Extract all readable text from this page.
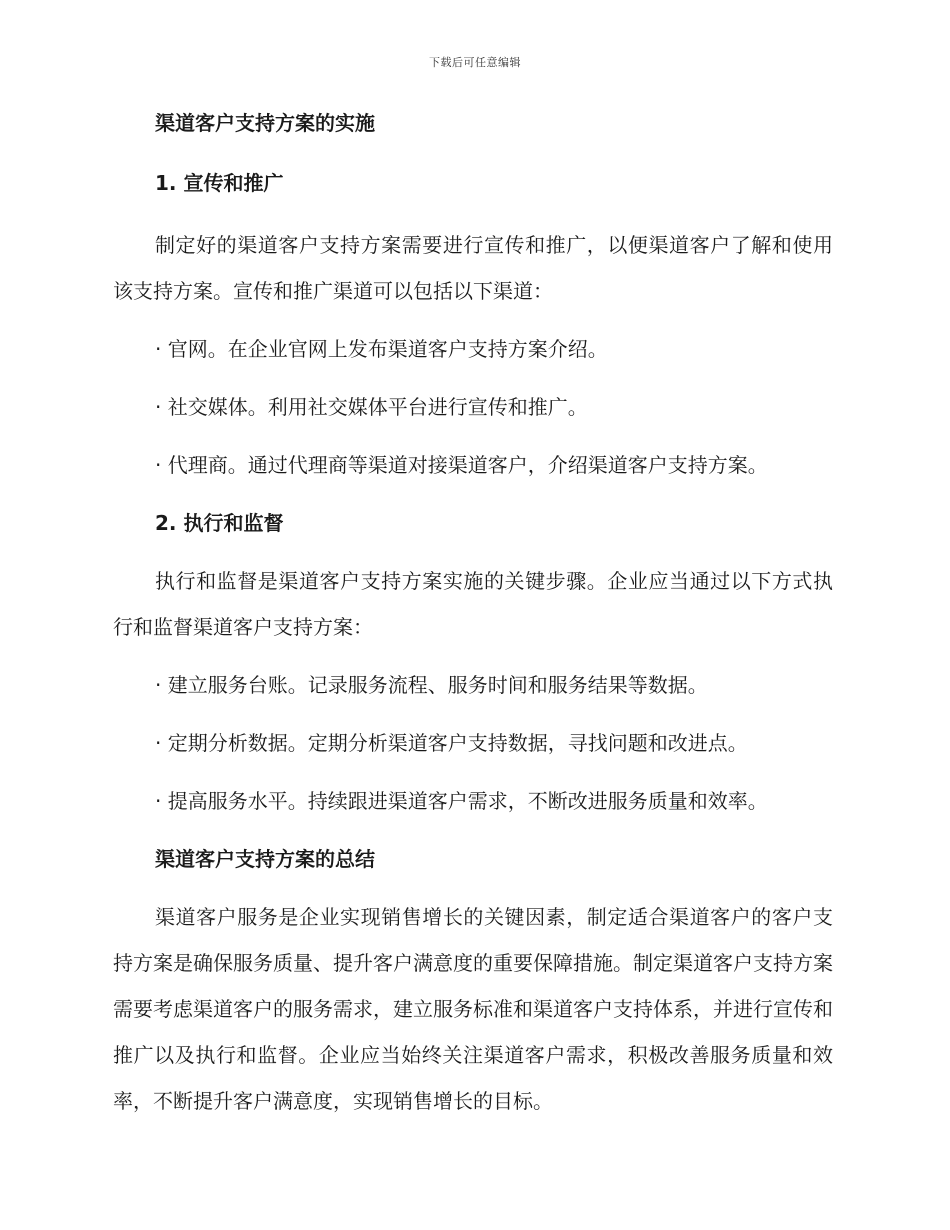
下载后可任意编辑

渠道客户支持方案的实施

1. 宣传和推广

制定好的渠道客户支持方案需要进行宣传和推广，以便渠道客户了解和使用该支持方案。宣传和推广渠道可以包括以下渠道：

· 官网。在企业官网上发布渠道客户支持方案介绍。

· 社交媒体。利用社交媒体平台进行宣传和推广。

· 代理商。通过代理商等渠道对接渠道客户，介绍渠道客户支持方案。

2. 执行和监督

执行和监督是渠道客户支持方案实施的关键步骤。企业应当通过以下方式执行和监督渠道客户支持方案：

· 建立服务台账。记录服务流程、服务时间和服务结果等数据。

· 定期分析数据。定期分析渠道客户支持数据，寻找问题和改进点。

· 提高服务水平。持续跟进渠道客户需求，不断改进服务质量和效率。

渠道客户支持方案的总结

渠道客户服务是企业实现销售增长的关键因素，制定适合渠道客户的客户支持方案是确保服务质量、提升客户满意度的重要保障措施。制定渠道客户支持方案需要考虑渠道客户的服务需求，建立服务标准和渠道客户支持体系，并进行宣传和推广以及执行和监督。企业应当始终关注渠道客户需求，积极改善服务质量和效率，不断提升客户满意度，实现销售增长的目标。
